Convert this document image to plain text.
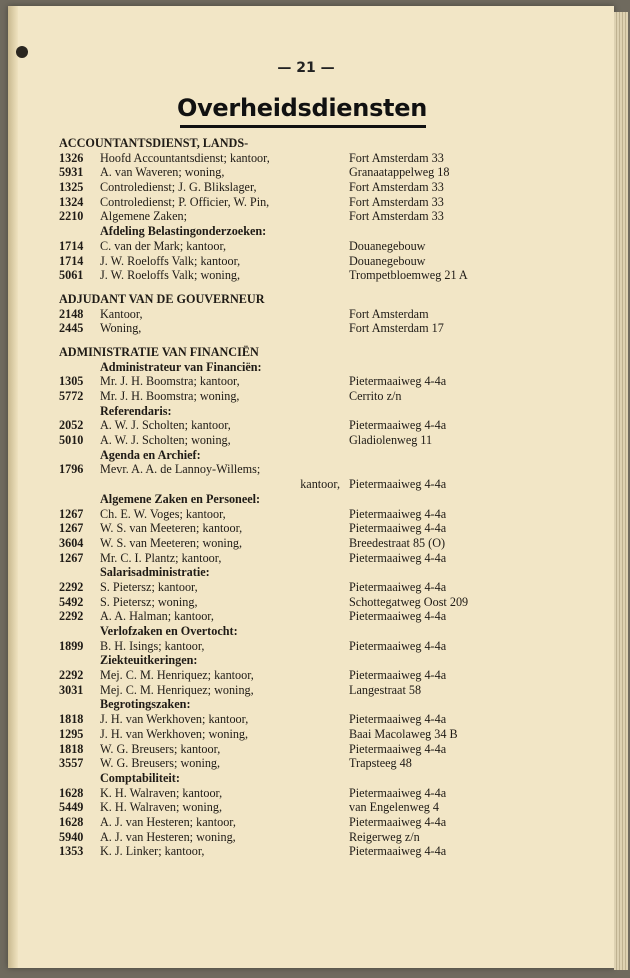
— 21 —
Overheidsdiensten
ACCOUNTANTSDIENST, LANDS-
1326 Hoofd Accountantsdienst; kantoor,	Fort Amsterdam 33
5931 A. van Waveren; woning,	Granaatappelweg 18
1325 Controledienst; J. G. Blikslager,	Fort Amsterdam 33
1324 Controledienst; P. Officier, W. Pin,	Fort Amsterdam 33
2210 Algemene Zaken;	Fort Amsterdam 33
Afdeling Belastingonderzoeken:
1714 C. van der Mark; kantoor,	Douanegebouw
1714 J. W. Roeloffs Valk; kantoor,	Douanegebouw
5061 J. W. Roeloffs Valk; woning,	Trompetbloemweg 21 A
ADJUDANT VAN DE GOUVERNEUR
2148 Kantoor,	Fort Amsterdam
2445 Woning,	Fort Amsterdam 17
ADMINISTRATIE VAN FINANCIËN
Administrateur van Financiën:
1305 Mr. J. H. Boomstra; kantoor,	Pietermaaiweg 4-4a
5772 Mr. J. H. Boomstra; woning,	Cerrito z/n
Referendaris:
2052 A. W. J. Scholten; kantoor,	Pietermaaiweg 4-4a
5010 A. W. J. Scholten; woning,	Gladiolenweg 11
Agenda en Archief:
1796 Mevr. A. A. de Lannoy-Willems;
kantoor, Pietermaaiweg 4-4a
Algemene Zaken en Personeel:
1267 Ch. E. W. Voges; kantoor,	Pietermaaiweg 4-4a
1267 W. S. van Meeteren; kantoor,	Pietermaaiweg 4-4a
3604 W. S. van Meeteren; woning,	Breedestraat 85 (O)
1267 Mr. C. I. Plantz; kantoor,	Pietermaaiweg 4-4a
Salarisadministratie:
2292 S. Pietersz; kantoor,	Pietermaaiweg 4-4a
5492 S. Pietersz; woning,	Schottegatweg Oost 209
2292 A. A. Halman; kantoor,	Pietermaaiweg 4-4a
Verlofzaken en Overtocht:
1899 B. H. Isings; kantoor,	Pietermaaiweg 4-4a
Ziekteuitkeringen:
2292 Mej. C. M. Henriquez; kantoor,	Pietermaaiweg 4-4a
3031 Mej. C. M. Henriquez; woning,	Langestraat 58
Begrotingszaken:
1818 J. H. van Werkhoven; kantoor,	Pietermaaiweg 4-4a
1295 J. H. van Werkhoven; woning,	Baai Macolaweg 34 B
1818 W. G. Breusers; kantoor,	Pietermaaiweg 4-4a
3557 W. G. Breusers; woning,	Trapsteeg 48
Comptabiliteit:
1628 K. H. Walraven; kantoor,	Pietermaaiweg 4-4a
5449 K. H. Walraven; woning,	van Engelenweg 4
1628 A. J. van Hesteren; kantoor,	Pietermaaiweg 4-4a
5940 A. J. van Hesteren; woning,	Reigerweg z/n
1353 K. J. Linker; kantoor,	Pietermaaiweg 4-4a
